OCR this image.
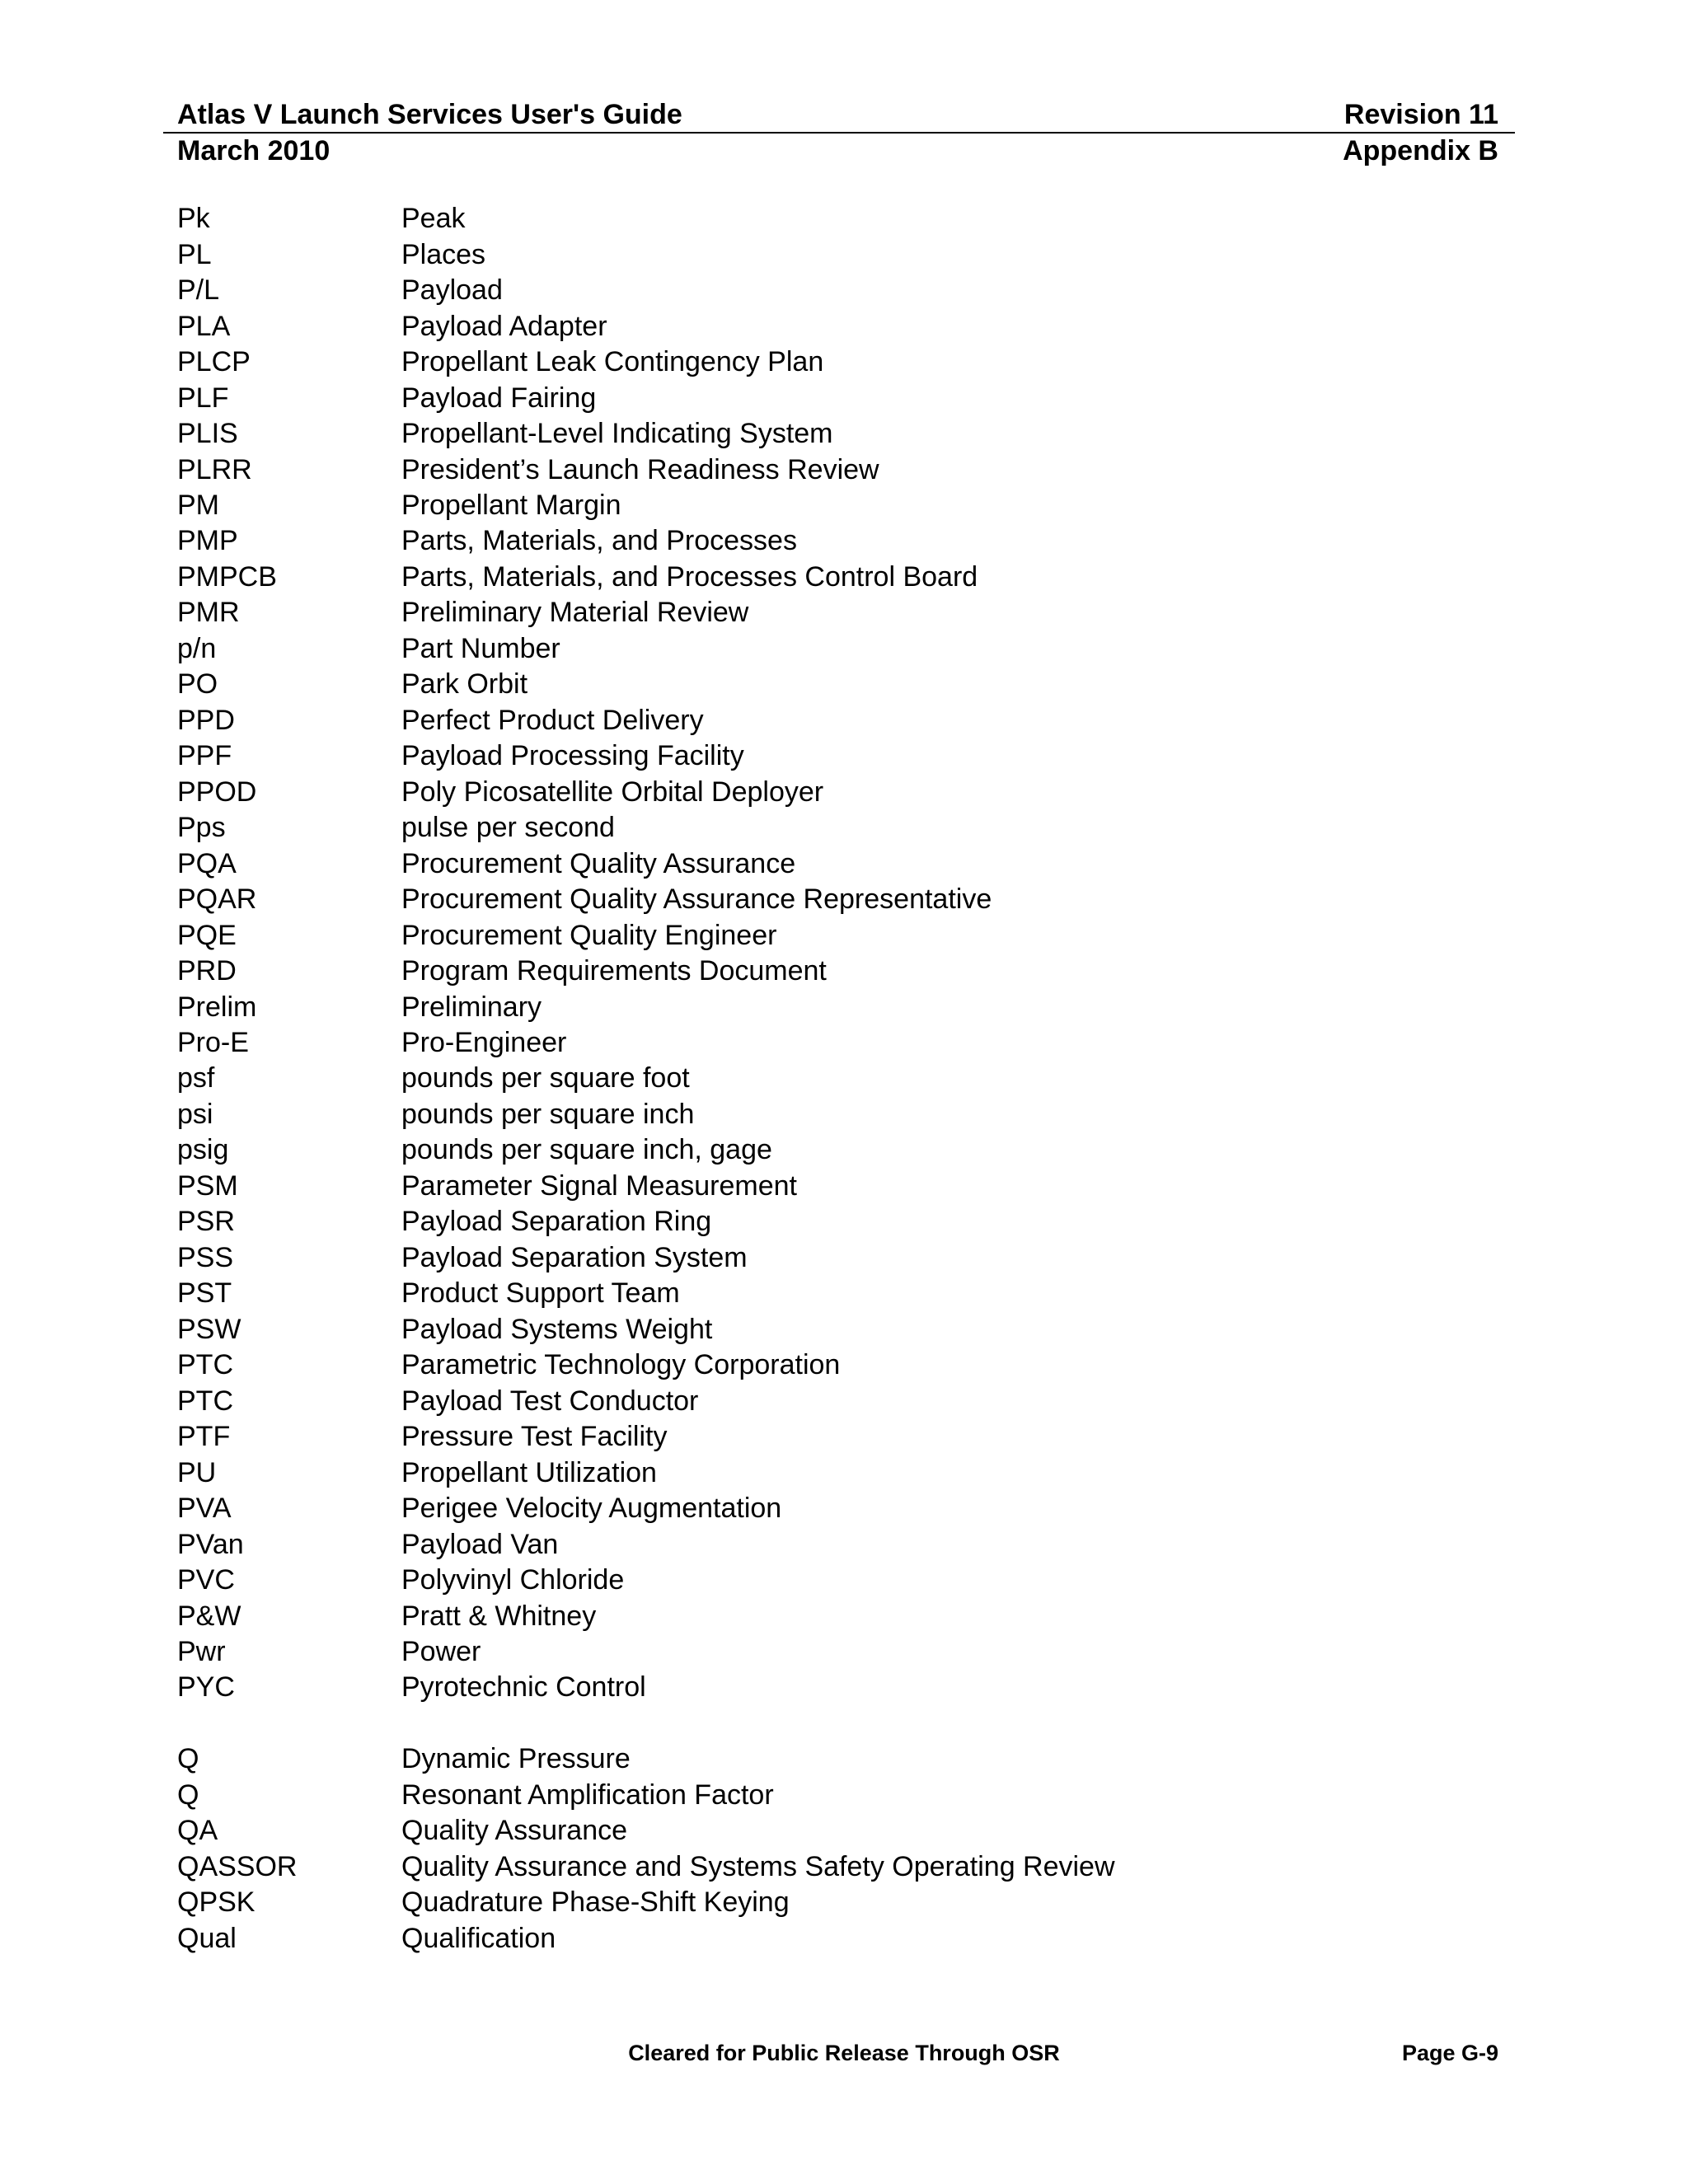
Atlas V Launch Services User's Guide	Revision 11
March 2010	Appendix B
Pk	Peak
PL	Places
P/L	Payload
PLA	Payload Adapter
PLCP	Propellant Leak Contingency Plan
PLF	Payload Fairing
PLIS	Propellant-Level Indicating System
PLRR	President’s Launch Readiness Review
PM	Propellant Margin
PMP	Parts, Materials, and Processes
PMPCB	Parts, Materials, and Processes Control Board
PMR	Preliminary Material Review
p/n	Part Number
PO	Park Orbit
PPD	Perfect Product Delivery
PPF	Payload Processing Facility
PPOD	Poly Picosatellite Orbital Deployer
Pps	pulse per second
PQA	Procurement Quality Assurance
PQAR	Procurement Quality Assurance Representative
PQE	Procurement Quality Engineer
PRD	Program Requirements Document
Prelim	Preliminary
Pro-E	Pro-Engineer
psf	pounds per square foot
psi	pounds per square inch
psig	pounds per square inch, gage
PSM	Parameter Signal Measurement
PSR	Payload Separation Ring
PSS	Payload Separation System
PST	Product Support Team
PSW	Payload Systems Weight
PTC	Parametric Technology Corporation
PTC	Payload Test Conductor
PTF	Pressure Test Facility
PU	Propellant Utilization
PVA	Perigee Velocity Augmentation
PVan	Payload Van
PVC	Polyvinyl Chloride
P&W	Pratt & Whitney
Pwr	Power
PYC	Pyrotechnic Control
Q	Dynamic Pressure
Q	Resonant Amplification Factor
QA	Quality Assurance
QASSOR	Quality Assurance and Systems Safety Operating Review
QPSK	Quadrature Phase-Shift Keying
Qual	Qualification
Cleared for Public Release Through OSR	Page G-9
